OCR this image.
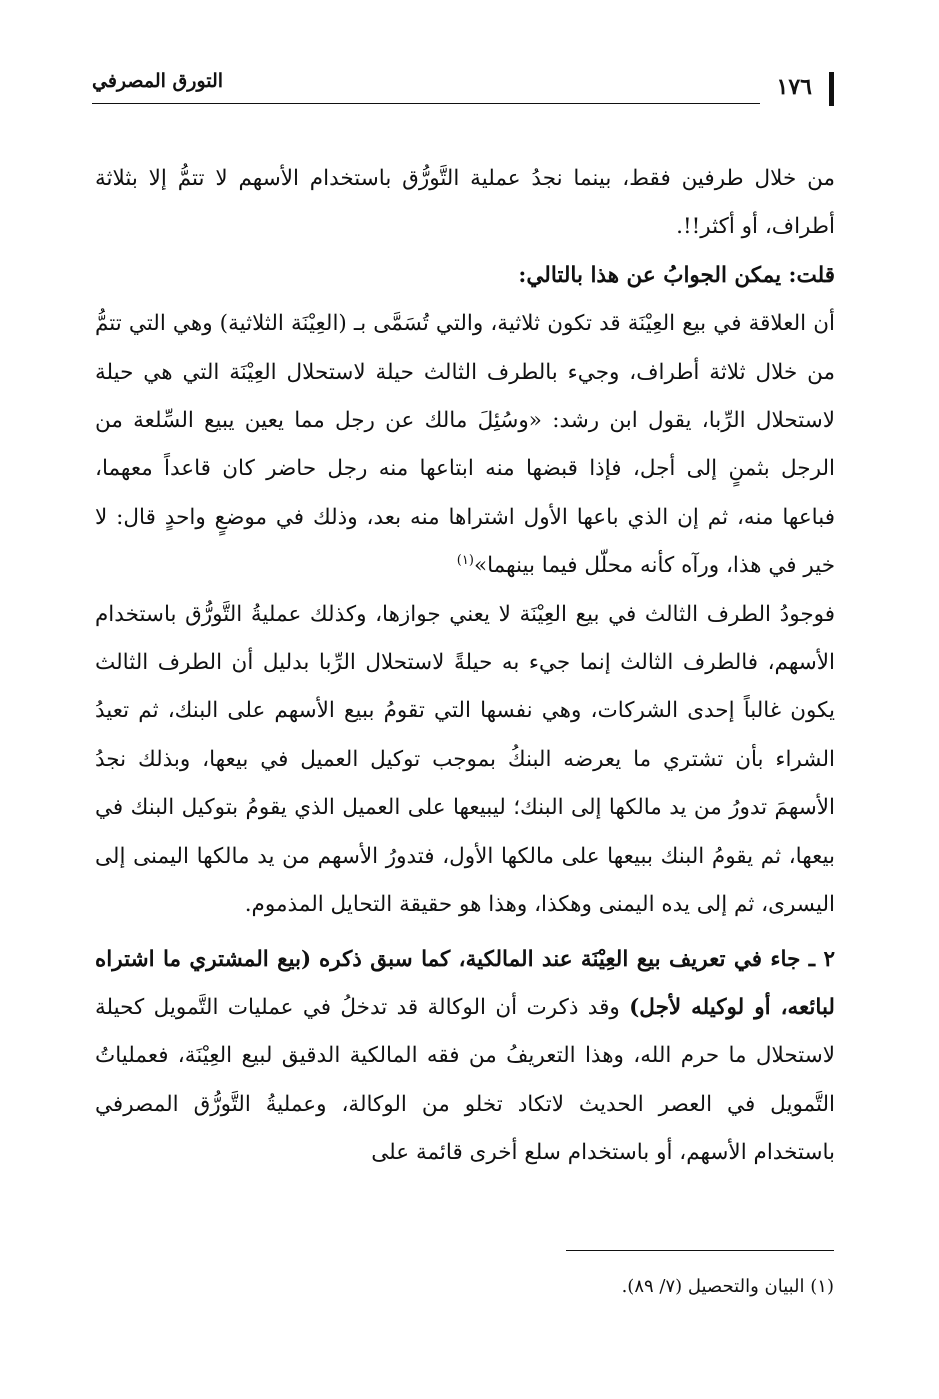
التورق المصرفي	١٧٦

من خلال طرفين فقط، بينما نجدُ عملية التَّورُّق باستخدام الأسهم لا تتمُّ إلا بثلاثة أطراف، أو أكثر!!.

قلت: يمكن الجوابُ عن هذا بالتالي:

أن العلاقة في بيع العِيْنَة قد تكون ثلاثية، والتي تُسَمَّى بـ (العِيْنَة الثلاثية) وهي التي تتمُّ من خلال ثلاثة أطراف، وجيء بالطرف الثالث حيلة لاستحلال العِيْنَة التي هي حيلة لاستحلال الرِّبا، يقول ابن رشد: «وسُئِلَ مالك عن رجل مما يعين يبيع السِّلعة من الرجل بثمنٍ إلى أجل، فإذا قبضها منه ابتاعها منه رجل حاضر كان قاعداً معهما، فباعها منه، ثم إن الذي باعها الأول اشتراها منه بعد، وذلك في موضعٍ واحدٍ قال: لا خير في هذا، ورآه كأنه محلّل فيما بينهما»$^{(١)}$

فوجودُ الطرف الثالث في بيع العِيْنَة لا يعني جوازها، وكذلك عمليةُ التَّورُّق باستخدام الأسهم، فالطرف الثالث إنما جيء به حيلةً لاستحلال الرِّبا بدليل أن الطرف الثالث يكون غالباً إحدى الشركات، وهي نفسها التي تقومُ ببيع الأسهم على البنك، ثم تعيدُ الشراء بأن تشتري ما يعرضه البنكُ بموجب توكيل العميل في بيعها، وبذلك نجدُ الأسهمَ تدورُ من يد مالكها إلى البنك؛ ليبيعها على العميل الذي يقومُ بتوكيل البنك في بيعها، ثم يقومُ البنك ببيعها على مالكها الأول، فتدورُ الأسهم من يد مالكها اليمنى إلى اليسرى، ثم إلى يده اليمنى وهكذا، وهذا هو حقيقة التحايل المذموم.

٢ ـ جاء في تعريف بيع العِيْنَة عند المالكية، كما سبق ذكره (بيع المشتري ما اشتراه لبائعه، أو لوكيله لأجل) وقد ذكرت أن الوكالة قد تدخلُ في عمليات التَّمويل كحيلة لاستحلال ما حرم الله، وهذا التعريفُ من فقه المالكية الدقيق لبيع العِيْنَة، فعملياتُ التَّمويل في العصر الحديث لاتكاد تخلو من الوكالة، وعمليةُ التَّورُّق المصرفي باستخدام الأسهم، أو باستخدام سلع أخرى قائمة على

(١) البيان والتحصيل (٧/ ٨٩).
